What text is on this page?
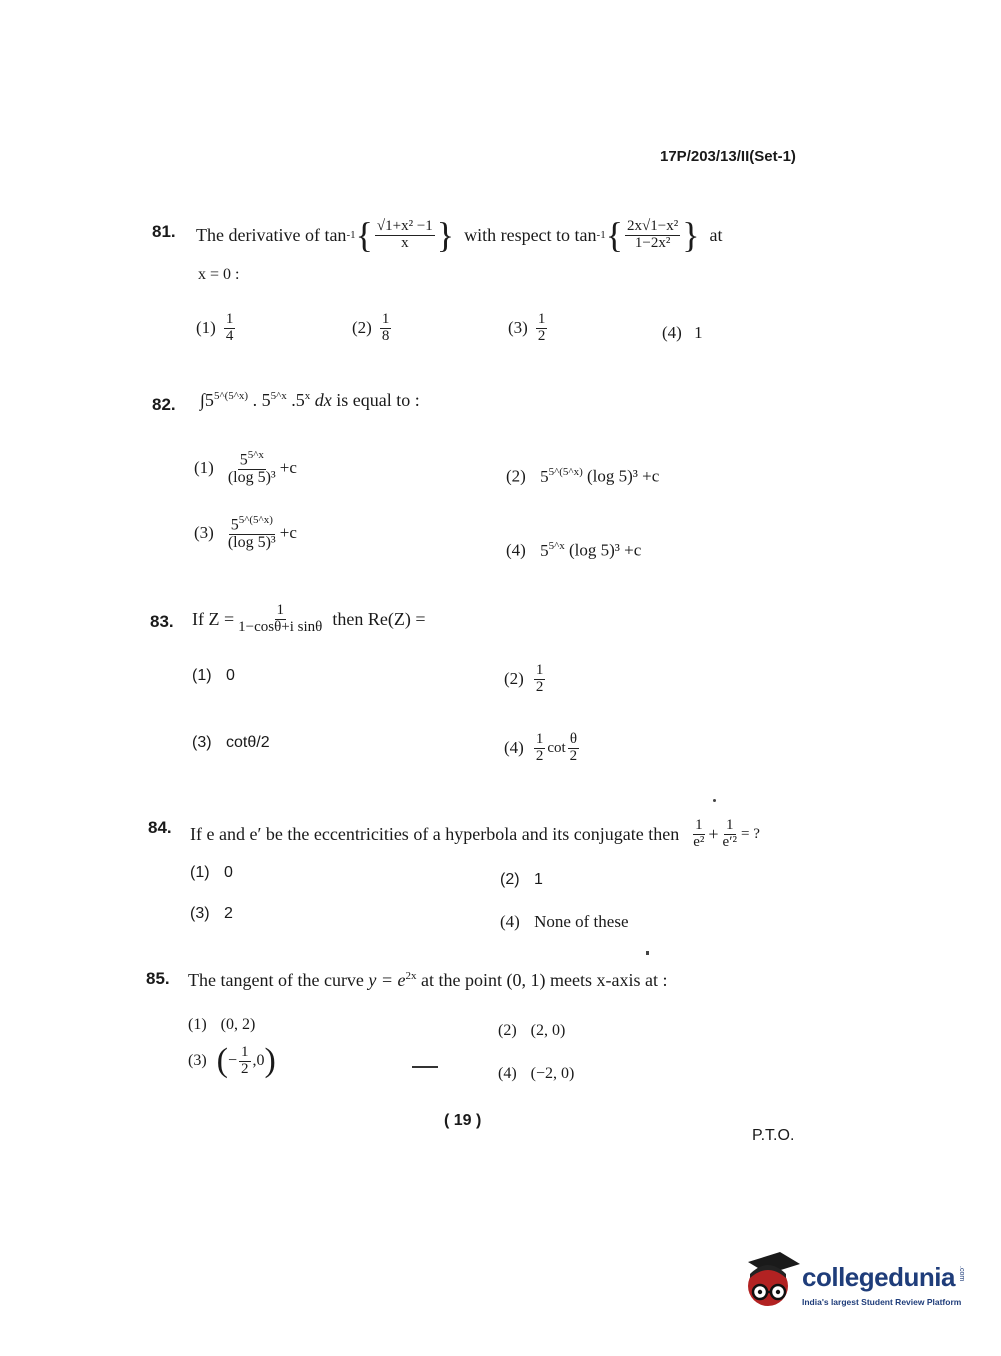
17P/203/13/II(Set-1)
81. The derivative of tan -1 { $\frac{\text{√1+x² −1}}{x}$ } with respect to tan -1 { $\frac{\text{2x√1−x²}}{\text{1−2x²}}$ } at
x = 0 :
$(1) \frac{1}{4}$	$(2) \frac{1}{8}$	$(3) \frac{1}{2}$	(4) 1
82. $\int 5^{5\^{}(5\^{}x)}$ . $5^{5\^{}x}$ .5$^x$ dx is equal to :
$(1) \frac{5^{5\^{}x}}{\text{(log 5)³}} +c$	(2) $5^{5\^{}(5\^{}x)}$ (log 5)³ +c
$(3) \frac{5^{5\^{}(5\^{}x)}}{\text{(log 5)³}} +c$
(4) $5^{5\^{}x}$ (log 5)³ +c
83. If $Z = \frac{1}{\text{1−cosθ+i sinθ}}$ then Re(Z) =
(1) 0	$(2) \frac{1}{2}$
(3) cotθ/2	$(4) \frac{1}{2}$ $\cot \frac{\theta}{2}$
84. If e and e′ be the eccentricities of a hyperbola and its conjugate then $\frac{1}{\text{e²}} + \frac{1}{\text{e′²}}$ = ?
(1) 0	(2) 1
(3) 2	(4) None of these
85. The tangent of the curve $y = e^{2x}$ at the point (0, 1) meets x-axis at :
(1) (0, 2)	(2) (2, 0)
(3) ( − $\frac{1}{2} ,0$ )	(4) (−2, 0)
( 19 )
P.T.O.
collegedunia .com
India's largest Student Review Platform
